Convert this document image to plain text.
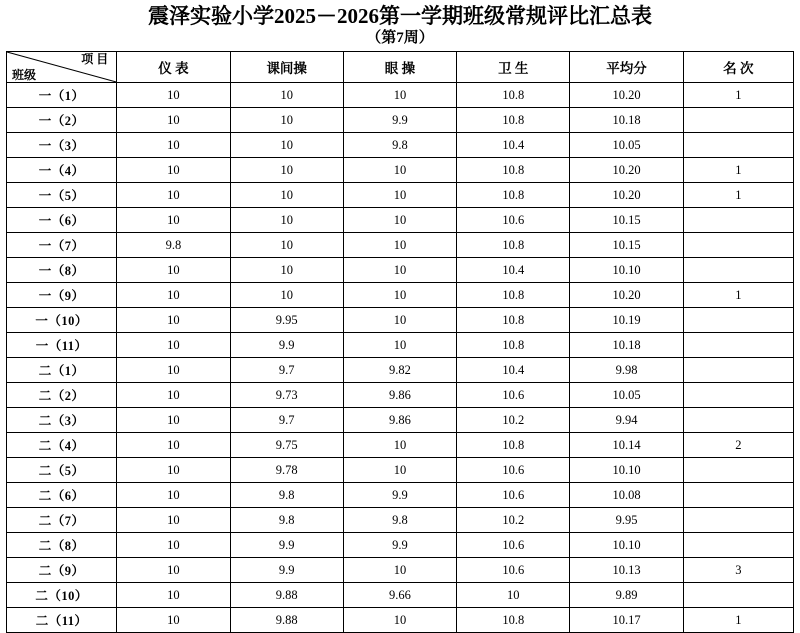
震泽实验小学2025－2026第一学期班级常规评比汇总表
（第7周）
项 目
班级	仪 表	课间操	眼 操	卫 生	平均分	名 次
一（1）	10	10	10	10.8	10.20	1
一（2）	10	10	9.9	10.8	10.18	
一（3）	10	10	9.8	10.4	10.05	
一（4）	10	10	10	10.8	10.20	1
一（5）	10	10	10	10.8	10.20	1
一（6）	10	10	10	10.6	10.15	
一（7）	9.8	10	10	10.8	10.15	
一（8）	10	10	10	10.4	10.10	
一（9）	10	10	10	10.8	10.20	1
一（10）	10	9.95	10	10.8	10.19	
一（11）	10	9.9	10	10.8	10.18	
二（1）	10	9.7	9.82	10.4	9.98	
二（2）	10	9.73	9.86	10.6	10.05	
二（3）	10	9.7	9.86	10.2	9.94	
二（4）	10	9.75	10	10.8	10.14	2
二（5）	10	9.78	10	10.6	10.10	
二（6）	10	9.8	9.9	10.6	10.08	
二（7）	10	9.8	9.8	10.2	9.95	
二（8）	10	9.9	9.9	10.6	10.10	
二（9）	10	9.9	10	10.6	10.13	3
二（10）	10	9.88	9.66	10	9.89	
二（11）	10	9.88	10	10.8	10.17	1
